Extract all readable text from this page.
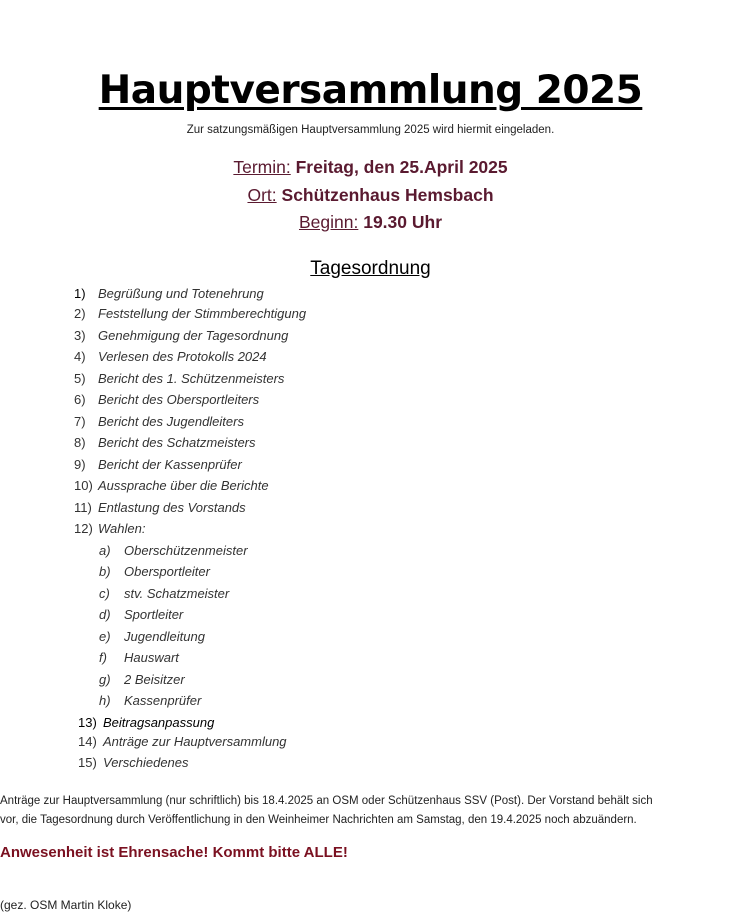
Hauptversammlung 2025
Zur satzungsmäßigen Hauptversammlung 2025 wird hiermit eingeladen.
Termin: Freitag, den 25.April 2025
Ort: Schützenhaus Hemsbach
Beginn: 19.30 Uhr
Tagesordnung
1) Begrüßung und Totenehrung
2) Feststellung der Stimmberechtigung
3) Genehmigung der Tagesordnung
4) Verlesen des Protokolls 2024
5) Bericht des 1. Schützenmeisters
6) Bericht des Obersportleiters
7) Bericht des Jugendleiters
8) Bericht des Schatzmeisters
9) Bericht der Kassenprüfer
10) Aussprache über die Berichte
11) Entlastung des Vorstands
12) Wahlen:
a) Oberschützenmeister
b) Obersportleiter
c) stv. Schatzmeister
d) Sportleiter
e) Jugendleitung
f) Hauswart
g) 2 Beisitzer
h) Kassenprüfer
13) Beitragsanpassung
14) Anträge zur Hauptversammlung
15) Verschiedenes
Anträge zur Hauptversammlung (nur schriftlich) bis 18.4.2025 an OSM oder Schützenhaus SSV (Post). Der Vorstand behält sich
vor, die Tagesordnung durch Veröffentlichung in den Weinheimer Nachrichten am Samstag, den 19.4.2025 noch abzuändern.
Anwesenheit ist Ehrensache! Kommt bitte ALLE!
(gez. OSM Martin Kloke)
